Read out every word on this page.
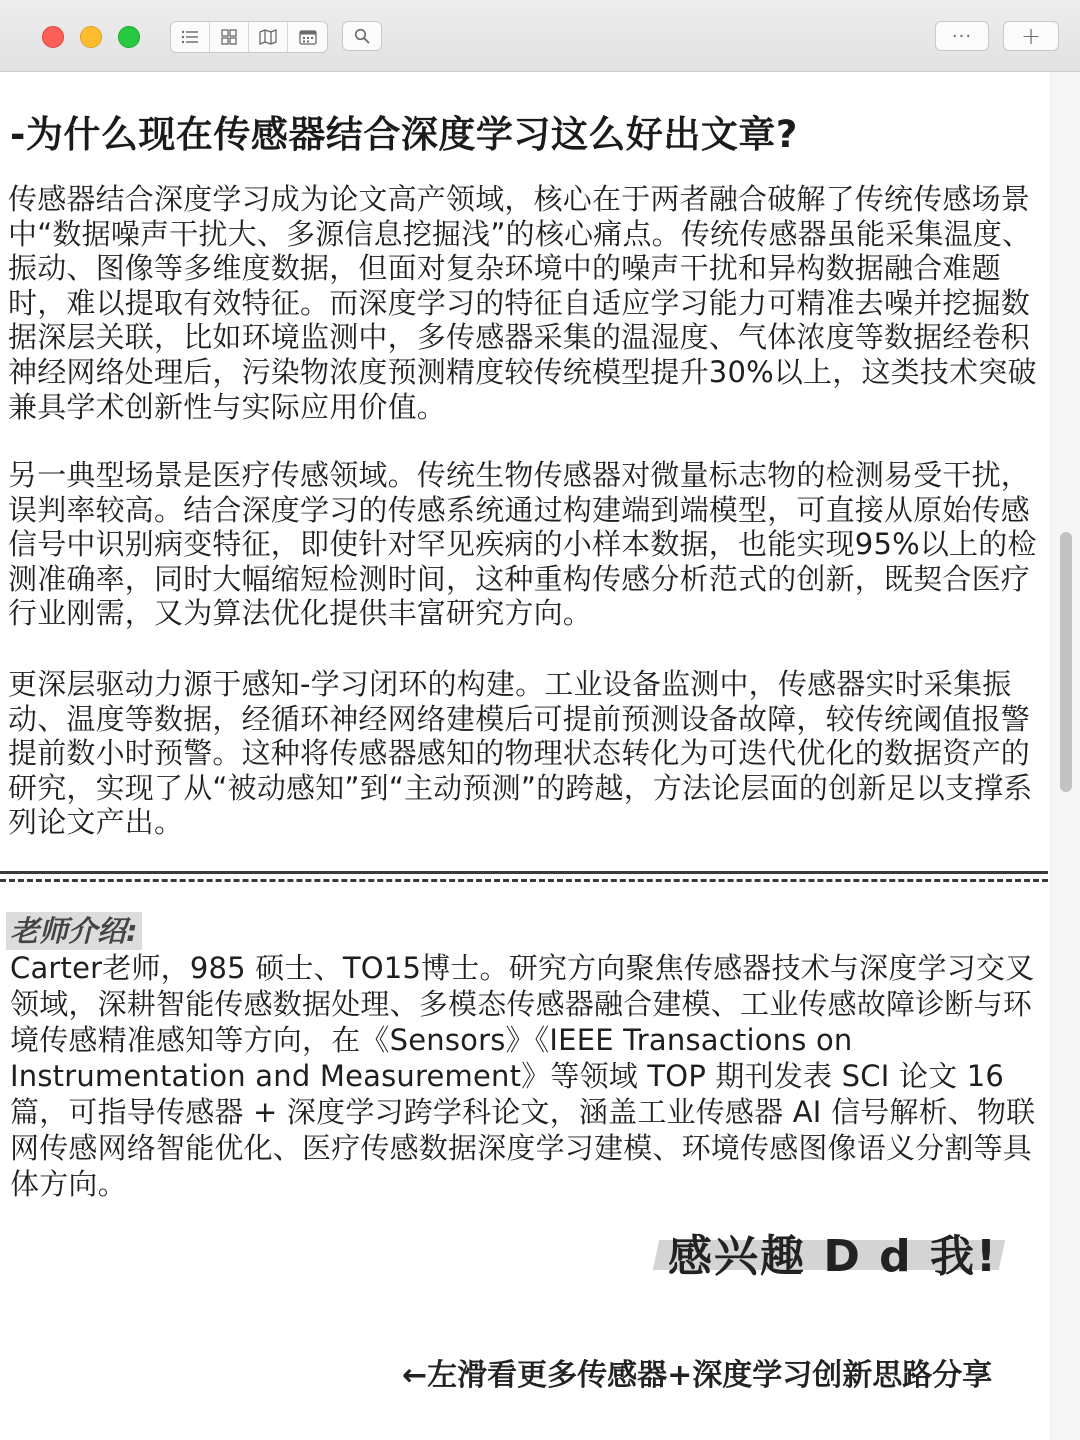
··· +
-为什么现在传感器结合深度学习这么好出文章?

传感器结合深度学习成为论文高产领域，核心在于两者融合破解了传统传感场景中“数据噪声干扰大、多源信息挖掘浅”的核心痛点。传统传感器虽能采集温度、振动、图像等多维度数据，但面对复杂环境中的噪声干扰和异构数据融合难题时，难以提取有效特征。而深度学习的特征自适应学习能力可精准去噪并挖掘数据深层关联，比如环境监测中，多传感器采集的温湿度、气体浓度等数据经卷积神经网络处理后，污染物浓度预测精度较传统模型提升30%以上，这类技术突破兼具学术创新性与实际应用价值。

另一典型场景是医疗传感领域。传统生物传感器对微量标志物的检测易受干扰，误判率较高。结合深度学习的传感系统通过构建端到端模型，可直接从原始传感信号中识别病变特征，即使针对罕见疾病的小样本数据，也能实现95%以上的检测准确率，同时大幅缩短检测时间，这种重构传感分析范式的创新，既契合医疗行业刚需，又为算法优化提供丰富研究方向。

更深层驱动力源于感知-学习闭环的构建。工业设备监测中，传感器实时采集振动、温度等数据，经循环神经网络建模后可提前预测设备故障，较传统阈值报警提前数小时预警。这种将传感器感知的物理状态转化为可迭代优化的数据资产的研究，实现了从“被动感知”到“主动预测”的跨越，方法论层面的创新足以支撑系列论文产出。

老师介绍:

Carter老师，985 硕士、TO15博士。研究方向聚焦传感器技术与深度学习交叉领域，深耕智能传感数据处理、多模态传感器融合建模、工业传感故障诊断与环境传感精准感知等方向，在《Sensors》《IEEE Transactions on Instrumentation and Measurement》等领域 TOP 期刊发表 SCI 论文 16 篇，可指导传感器 + 深度学习跨学科论文，涵盖工业传感器 AI 信号解析、物联网传感网络智能优化、医疗传感数据深度学习建模、环境传感图像语义分割等具体方向。

感兴趣 D d 我!
←左滑看更多传感器+深度学习创新思路分享
